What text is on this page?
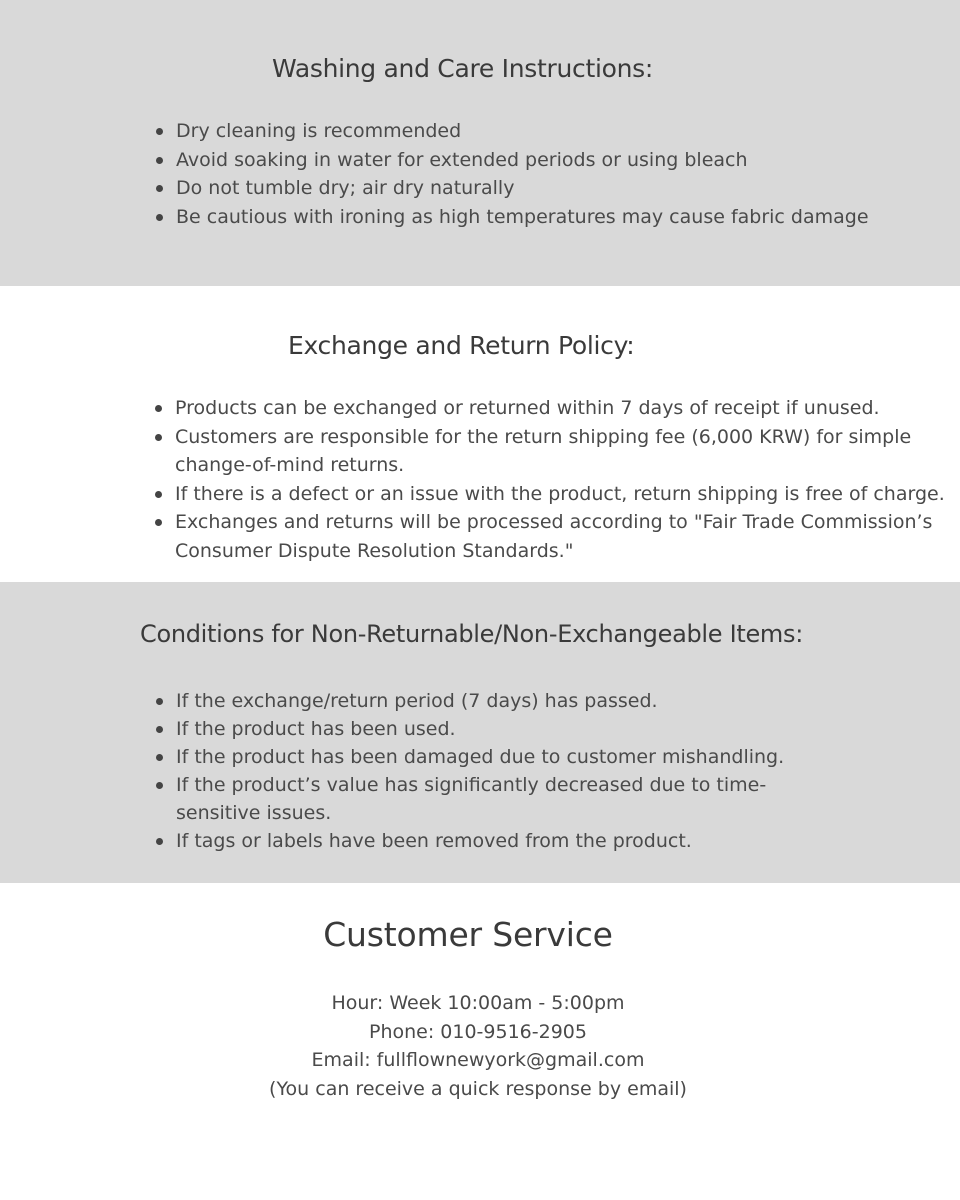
Washing and Care Instructions:
Dry cleaning is recommended
Avoid soaking in water for extended periods or using bleach
Do not tumble dry; air dry naturally
Be cautious with ironing as high temperatures may cause fabric damage
Exchange and Return Policy:
Products can be exchanged or returned within 7 days of receipt if unused.
Customers are responsible for the return shipping fee (6,000 KRW) for simple
change-of-mind returns.
If there is a defect or an issue with the product, return shipping is free of charge.
Exchanges and returns will be processed according to "Fair Trade Commission’s
Consumer Dispute Resolution Standards."
Conditions for Non-Returnable/Non-Exchangeable Items:
If the exchange/return period (7 days) has passed.
If the product has been used.
If the product has been damaged due to customer mishandling.
If the product’s value has significantly decreased due to time-
sensitive issues.
If tags or labels have been removed from the product.
Customer Service
Hour: Week 10:00am - 5:00pm
Phone: 010-9516-2905
Email: fullflownewyork@gmail.com
(You can receive a quick response by email)
